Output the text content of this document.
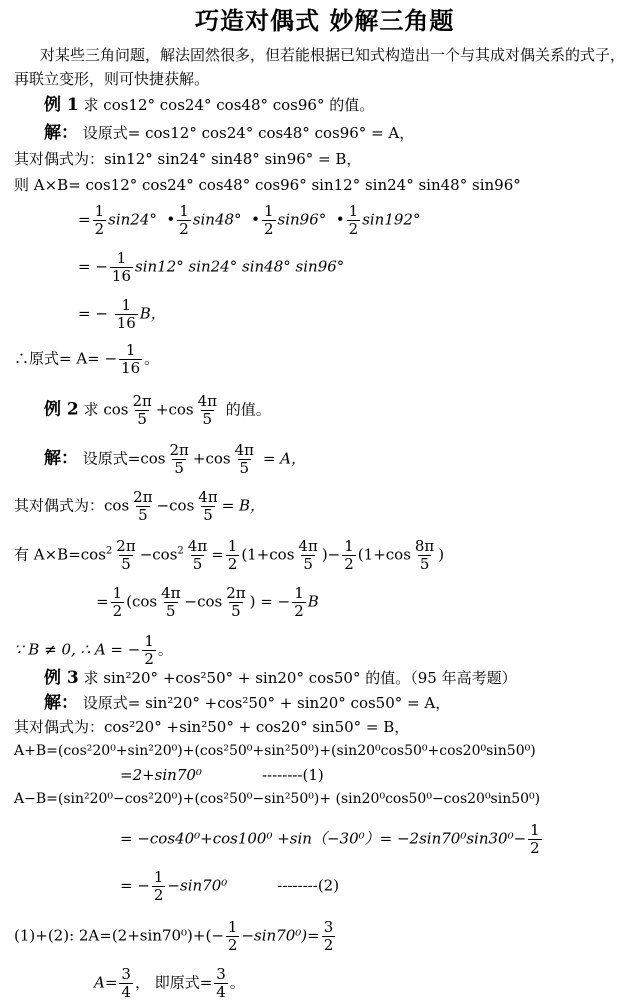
巧造对偶式 妙解三角题
对某些三角问题，解法固然很多，但若能根据已知式构造出一个与其成对偶关系的式子，
再联立变形，则可快捷获解。
例 1 求 cos12° cos24° cos48° cos96° 的值。
解： 设原式= cos12° cos24° cos48° cos96° = A，
其对偶式为：sin12° sin24° sin48° sin96° = B，
则 A×B= cos12° cos24° cos48° cos96° sin12° sin24° sin48° sin96°
= $\frac{1}{2} \sin 24^\circ$  • $\frac{1}{2} \sin 48^\circ$  • $\frac{1}{2} \sin 96^\circ$  • $\frac{1}{2} \sin 192^\circ$
= − $\frac{1}{16} \sin 12^\circ$ sin24° sin48° sin96°
= − $\frac{1}{16}$ B，
∴原式= $A= - \frac{1}{16}$ 。
例 2 求 $\cos \frac{2\pi}{5} +\cos \frac{4\pi}{5}$ 的值。
解： 设原式$=\cos \frac{2\pi}{5} +\cos \frac{4\pi}{5} = A$，
其对偶式为：$\cos \frac{2\pi}{5} -\cos \frac{4\pi}{5} = B$，
有 $A\times B=\cos^2 \frac{2\pi}{5} -\cos^2 \frac{4\pi}{5} = \frac{1}{2} (1+\cos \frac{4\pi}{5}$ )− $\frac{1}{2} (1+\cos \frac{8\pi}{5}$ )
= $\frac{1}{2} (\cos \frac{4\pi}{5} -\cos \frac{2\pi}{5}$ ) = − $\frac{1}{2}$ B
∵ B ≠ 0, ∴ A = − $\frac{1}{2}$ 。
例 3 求 sin²20° +cos²50° + sin20° cos50° 的值。（95 年高考题）
解： 设原式= sin²20° +cos²50° + sin20° cos50° = A，
其对偶式为：cos²20° +sin²50° + cos20° sin50° = B，
A+B=(cos²20⁰+sin²20⁰)+(cos²50⁰+sin²50⁰)+(sin20⁰cos50⁰+cos20⁰sin50⁰)
=2+sin70⁰	--------(1)
A−B=(sin²20⁰−cos²20⁰)+(cos²50⁰−sin²50⁰)+ (sin20⁰cos50⁰−cos20⁰sin50⁰)
= $-\cos 40^0+\cos 100^0 +\sin(-30^0)= -2\sin 70^0\sin 30^0- \frac{1}{2}$
= − $\frac{1}{2} -\sin 70^0$	--------(2)
(1)+(2): $2A=(2+\sin 70^0)+(- \frac{1}{2} -\sin 70^0)= \frac{3}{2}$
$A= \frac{3}{4}$ ， 即原式= $\frac{3}{4}$ 。
